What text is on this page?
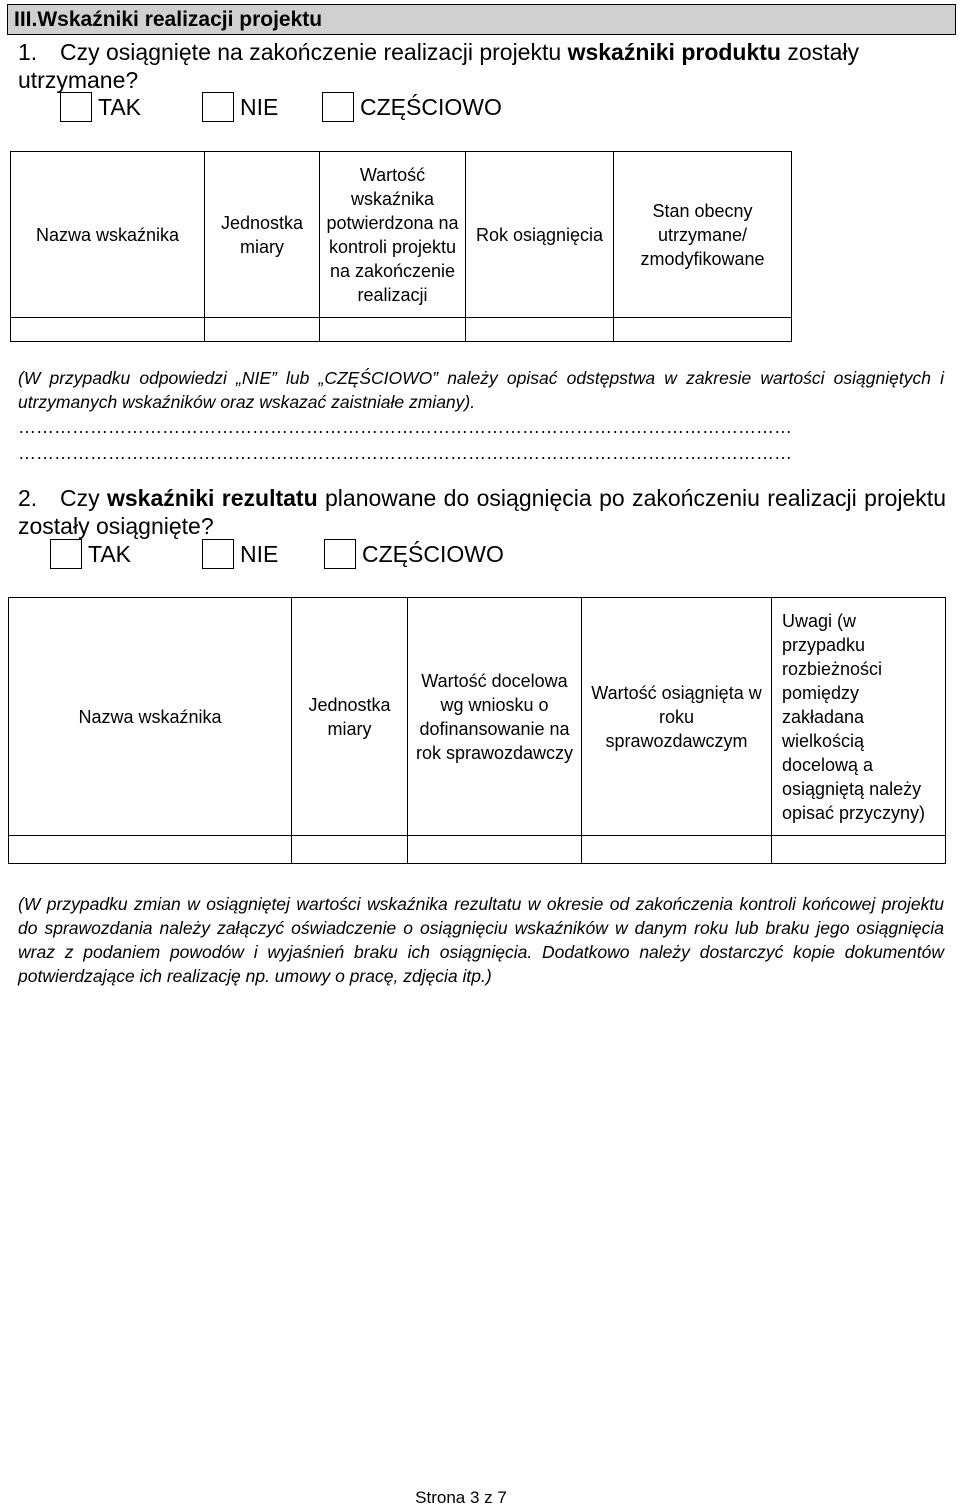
III.Wskaźniki realizacji projektu
1. Czy osiągnięte na zakończenie realizacji projektu wskaźniki produktu zostały utrzymane?
TAK	NIE	CZĘŚCIOWO
Nazwa wskaźnika	Jednostka miary	Wartość wskaźnika potwierdzona na kontroli projektu na zakończenie realizacji	Rok osiągnięcia	Stan obecny utrzymane/ zmodyfikowane

(W przypadku odpowiedzi „NIE” lub „CZĘŚCIOWO” należy opisać odstępstwa w zakresie wartości osiągniętych i utrzymanych wskaźników oraz wskazać zaistniałe zmiany).
…………………………………………………………………………………………………………………
…………………………………………………………………………………………………………………
2. Czy wskaźniki rezultatu planowane do osiągnięcia po zakończeniu realizacji projektu zostały osiągnięte?
TAK	NIE	CZĘŚCIOWO
Nazwa wskaźnika	Jednostka miary	Wartość docelowa wg wniosku o dofinansowanie na rok sprawozdawczy	Wartość osiągnięta w roku sprawozdawczym	Uwagi (w przypadku rozbieżności pomiędzy zakładana wielkością docelową a osiągniętą należy opisać przyczyny)

(W przypadku zmian w osiągniętej wartości wskaźnika rezultatu w okresie od zakończenia kontroli końcowej projektu do sprawozdania należy załączyć oświadczenie o osiągnięciu wskaźników w danym roku lub braku jego osiągnięcia wraz z podaniem powodów i wyjaśnień braku ich osiągnięcia. Dodatkowo należy dostarczyć kopie dokumentów potwierdzające ich realizację np. umowy o pracę, zdjęcia itp.)
Strona 3 z 7
